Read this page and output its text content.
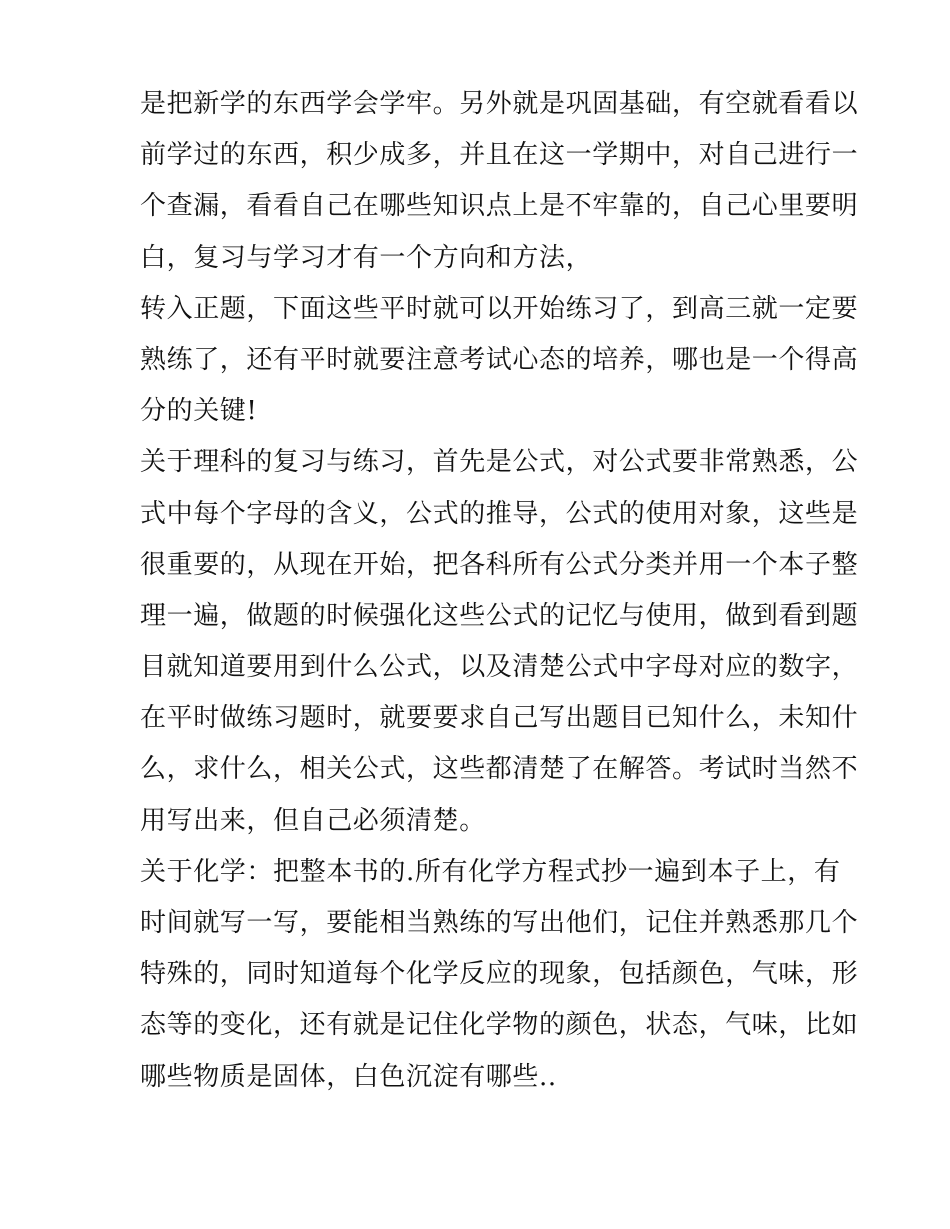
是把新学的东西学会学牢。另外就是巩固基础，有空就看看以
前学过的东西，积少成多，并且在这一学期中，对自己进行一
个查漏，看看自己在哪些知识点上是不牢靠的，自己心里要明
白，复习与学习才有一个方向和方法，
转入正题，下面这些平时就可以开始练习了，到高三就一定要
熟练了，还有平时就要注意考试心态的培养，哪也是一个得高
分的关键!
关于理科的复习与练习，首先是公式，对公式要非常熟悉，公
式中每个字母的含义，公式的推导，公式的使用对象，这些是
很重要的，从现在开始，把各科所有公式分类并用一个本子整
理一遍，做题的时候强化这些公式的记忆与使用，做到看到题
目就知道要用到什么公式，以及清楚公式中字母对应的数字，
在平时做练习题时，就要要求自己写出题目已知什么，未知什
么，求什么，相关公式，这些都清楚了在解答。考试时当然不
用写出来，但自己必须清楚。
关于化学：把整本书的.所有化学方程式抄一遍到本子上，有
时间就写一写，要能相当熟练的写出他们，记住并熟悉那几个
特殊的，同时知道每个化学反应的现象，包括颜色，气味，形
态等的变化，还有就是记住化学物的颜色，状态，气味，比如
哪些物质是固体，白色沉淀有哪些..
